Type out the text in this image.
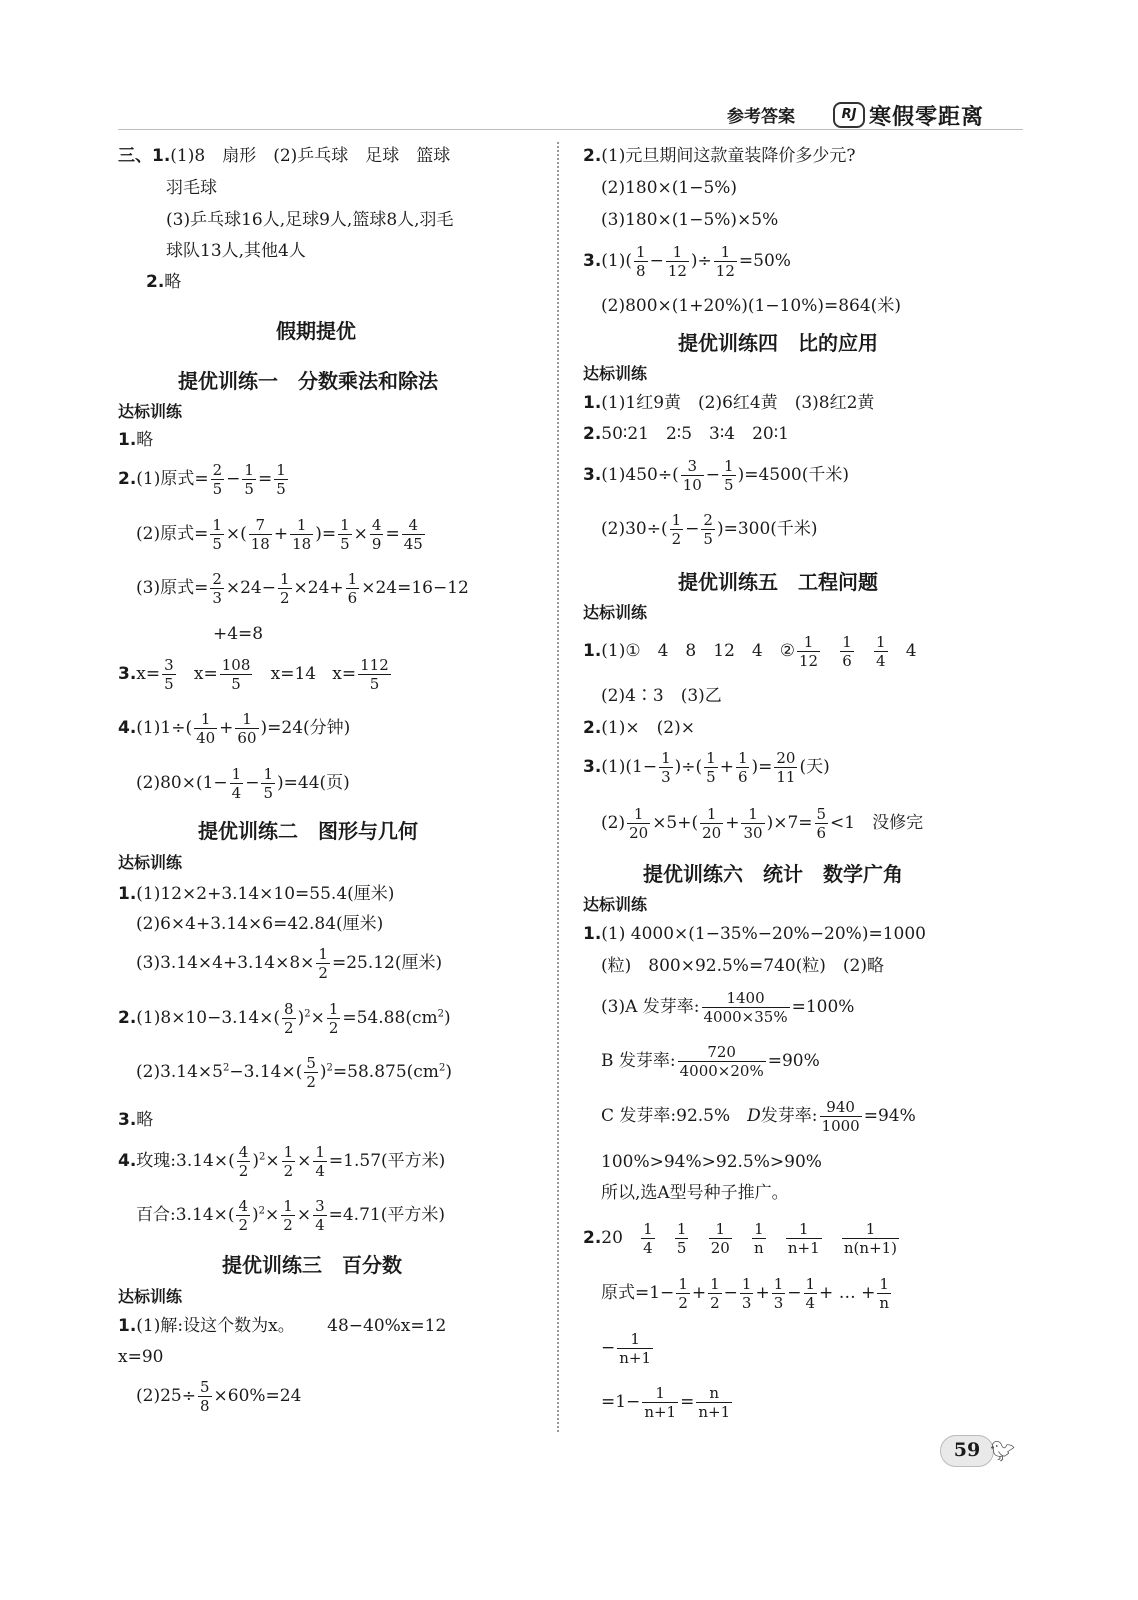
参考答案	RJ 寒假零距离
三、1.(1)8　扇形　(2)乒乓球　足球　篮球
羽毛球
(3)乒乓球16人,足球9人,篮球8人,羽毛
球队13人,其他4人
2.略
假期提优
提优训练一　分数乘法和除法
达标训练
1.略
2.(1)原式= $\frac{2}{5} - \frac{1}{5} = \frac{1}{5}$
(2)原式= $\frac{1}{5}$ ×( $\frac{7}{18} + \frac{1}{18}$ )= $\frac{1}{5} \times \frac{4}{9} = \frac{4}{45}$
(3)原式= $\frac{2}{3} \times 24- \frac{1}{2} \times 24+ \frac{1}{6} \times 24=16-12$
+4=8
$3.x= \frac{3}{5} x= \frac{108}{5} x=14$ $x= \frac{112}{5}$
$4.(1)1\div( \frac{1}{40} + \frac{1}{60} )=24$(分钟)
$(2)80\times(1- \frac{1}{4} - \frac{1}{5} )=44$(页)
提优训练二　图形与几何
达标训练
1.(1)12×2+3.14×10=55.4(厘米)
(2)6×4+3.14×6=42.84(厘米)
$(3)3.14\times 4+3.14\times 8\times \frac{1}{2} =25.12$(厘米)
$2.(1)8\times 10-3.14\times( \frac{8}{2} )^2\times \frac{1}{2} =54.88(cm^2)$
$(2)3.14\times 5^2-3.14\times( \frac{5}{2} )^2=58.875(cm^2)$
3.略
4.玫瑰:3.14×( $\frac{4}{2} )^2\times \frac{1}{2} \times \frac{1}{4} =1.57$(平方米)
百合:3.14×( $\frac{4}{2} )^2\times \frac{1}{2} \times \frac{3}{4} =4.71$(平方米)
提优训练三　百分数
达标训练
1.(1)解:设这个数为x。 48−40%x=12
x=90
$(2)25\div \frac{5}{8} \times 60\%=24$
2.(1)元旦期间这款童装降价多少元?
(2)180×(1−5%)
(3)180×(1−5%)×5%
$3.(1)( \frac{1}{8} - \frac{1}{12}$ )÷ $\frac{1}{12} =50\%$
(2)800×(1+20%)(1−10%)=864(米)
提优训练四　比的应用
达标训练
1.(1)1红9黄　(2)6红4黄　(3)8红2黄
2.50∶21　2∶5　3∶4　20∶1
$3.(1)450\div( \frac{3}{10} - \frac{1}{5} )=4500$(千米)
$(2)30\div( \frac{1}{2} - \frac{2}{5} )=300$(千米)
提优训练五　工程问题
达标训练
1.(1)①　4　8　12　4　② $\frac{1}{12}$
$\frac{1}{6}$
$\frac{1}{4} 4$
(2)4∶3　(3)乙
2.(1)×　(2)×
$3.(1)(1- \frac{1}{3}$ )÷( $\frac{1}{5} + \frac{1}{6}$ )= $\frac{20}{11}$ (天)
$(2) \frac{1}{20} \times 5+( \frac{1}{20} + \frac{1}{30} )\times 7= \frac{5}{6} <1$　没修完
提优训练六　统计　数学广角
达标训练
1.(1) 4000×(1−35%−20%−20%)=1000
(粒)　800×92.5%=740(粒)　(2)略
(3)A 发芽率: $\frac{1400}{4000\times 35\%} =100\%$
B 发芽率: $\frac{720}{4000\times 20\%} =90\%$
C 发芽率:92.5%　D发芽率: $\frac{940}{1000} =94\%$
100%>94%>92.5%>90%
所以,选A型号种子推广。
$2.20 \frac{1}{4}$
$\frac{1}{5}$
$\frac{1}{20}$
$\frac{1}{n}$
$\frac{1}{n+1}$
$\frac{1}{n(n+1)}$
原式$=1- \frac{1}{2} + \frac{1}{2} - \frac{1}{3} + \frac{1}{3} - \frac{1}{4}$ + … + $\frac{1}{n}$
− $\frac{1}{n+1}$
$=1- \frac{1}{n+1} = \frac{n}{n+1}$
59 🐦︎
